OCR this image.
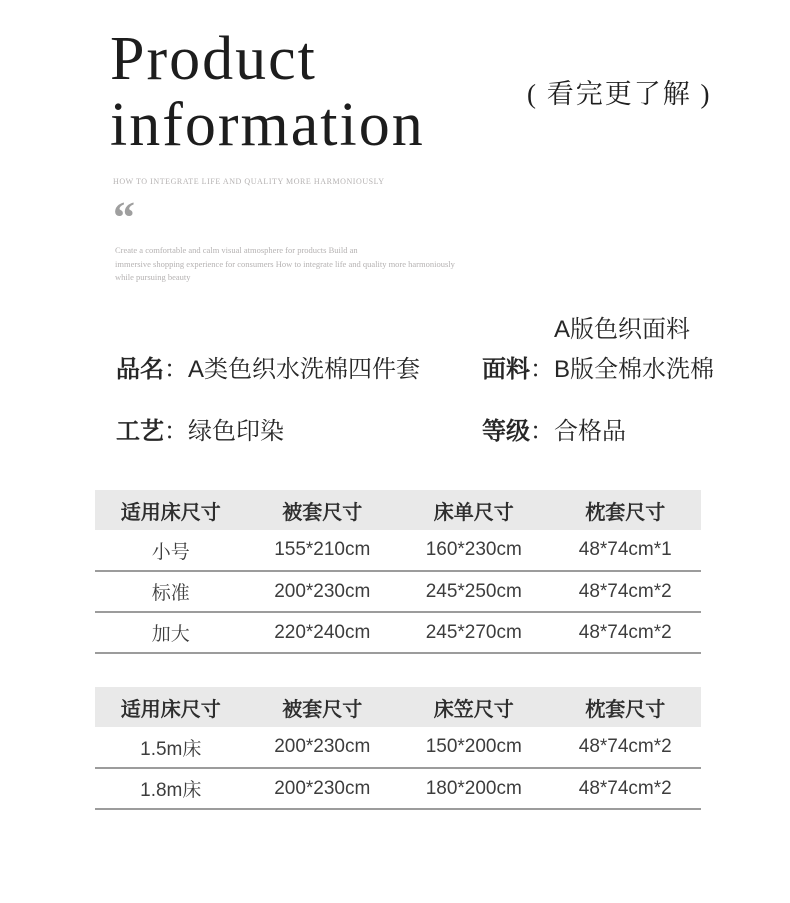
Product
information	( 看完更了解 )
HOW TO INTEGRATE LIFE AND QUALITY MORE HARMONIOUSLY
“
Create a comfortable and calm visual atmosphere for products Build an
immersive shopping experience for consumers How to integrate life and quality more harmoniously
while pursuing beauty
A版色织面料
品名：A类色织水洗棉四件套	面料：B版全棉水洗棉
工艺：绿色印染	等级：合格品
适用床尺寸	被套尺寸	床单尺寸	枕套尺寸
小号	155*210cm	160*230cm	48*74cm*1
标准	200*230cm	245*250cm	48*74cm*2
加大	220*240cm	245*270cm	48*74cm*2
适用床尺寸	被套尺寸	床笠尺寸	枕套尺寸
1.5m床	200*230cm	150*200cm	48*74cm*2
1.8m床	200*230cm	180*200cm	48*74cm*2
